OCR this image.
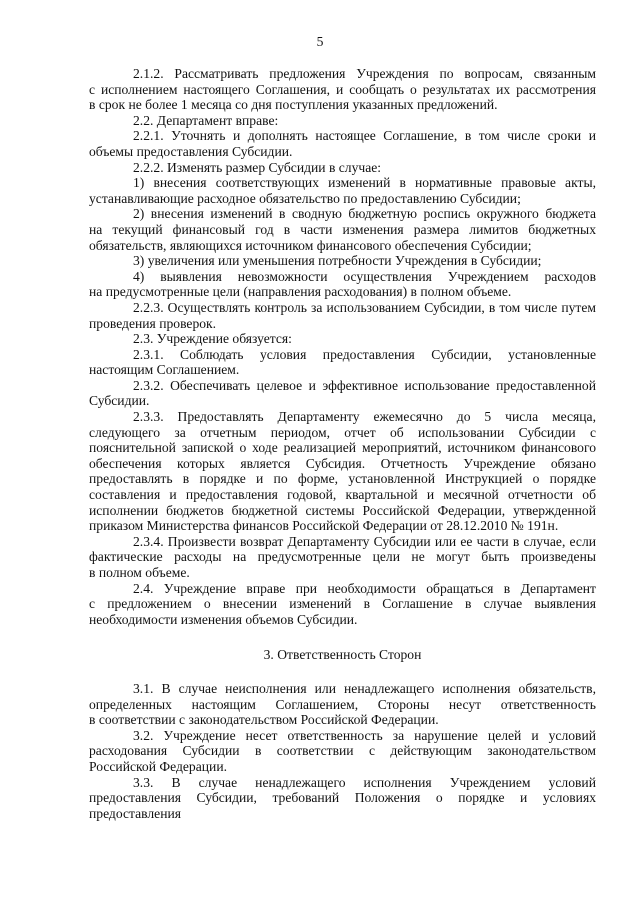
5
2.1.2. Рассматривать предложения Учреждения по вопросам, связанным
с исполнением настоящего Соглашения, и сообщать о результатах их рассмотрения
в срок не более 1 месяца со дня поступления указанных предложений.
2.2. Департамент вправе:
2.2.1. Уточнять и дополнять настоящее Соглашение, в том числе сроки и
объемы предоставления Субсидии.
2.2.2. Изменять размер Субсидии в случае:
1) внесения соответствующих изменений в нормативные правовые акты,
устанавливающие расходное обязательство по предоставлению Субсидии;
2) внесения изменений в сводную бюджетную роспись окружного бюджета
на текущий финансовый год в части изменения размера лимитов бюджетных
обязательств, являющихся источником финансового обеспечения Субсидии;
3) увеличения или уменьшения потребности Учреждения в Субсидии;
4) выявления невозможности осуществления Учреждением расходов
на предусмотренные цели (направления расходования) в полном объеме.
2.2.3. Осуществлять контроль за использованием Субсидии, в том числе путем
проведения проверок.
2.3. Учреждение обязуется:
2.3.1. Соблюдать условия предоставления Субсидии, установленные
настоящим Соглашением.
2.3.2. Обеспечивать целевое и эффективное использование предоставленной
Субсидии.
2.3.3. Предоставлять Департаменту ежемесячно до 5 числа месяца,
следующего за отчетным периодом, отчет об использовании Субсидии с
пояснительной запиской о ходе реализацией мероприятий, источником финансового
обеспечения которых является Субсидия. Отчетность Учреждение обязано
предоставлять в порядке и по форме, установленной Инструкцией о порядке
составления и предоставления годовой, квартальной и месячной отчетности об
исполнении бюджетов бюджетной системы Российской Федерации, утвержденной
приказом Министерства финансов Российской Федерации от 28.12.2010 № 191н.
2.3.4. Произвести возврат Департаменту Субсидии или ее части в случае, если
фактические расходы на предусмотренные цели не могут быть произведены
в полном объеме.
2.4. Учреждение вправе при необходимости обращаться в Департамент
с предложением о внесении изменений в Соглашение в случае выявления
необходимости изменения объемов Субсидии.
3. Ответственность Сторон
3.1. В случае неисполнения или ненадлежащего исполнения обязательств,
определенных настоящим Соглашением, Стороны несут ответственность
в соответствии с законодательством Российской Федерации.
3.2. Учреждение несет ответственность за нарушение целей и условий
расходования Субсидии в соответствии с действующим законодательством
Российской Федерации.
3.3. В случае ненадлежащего исполнения Учреждением условий
предоставления Субсидии, требований Положения о порядке и условиях
предоставления
